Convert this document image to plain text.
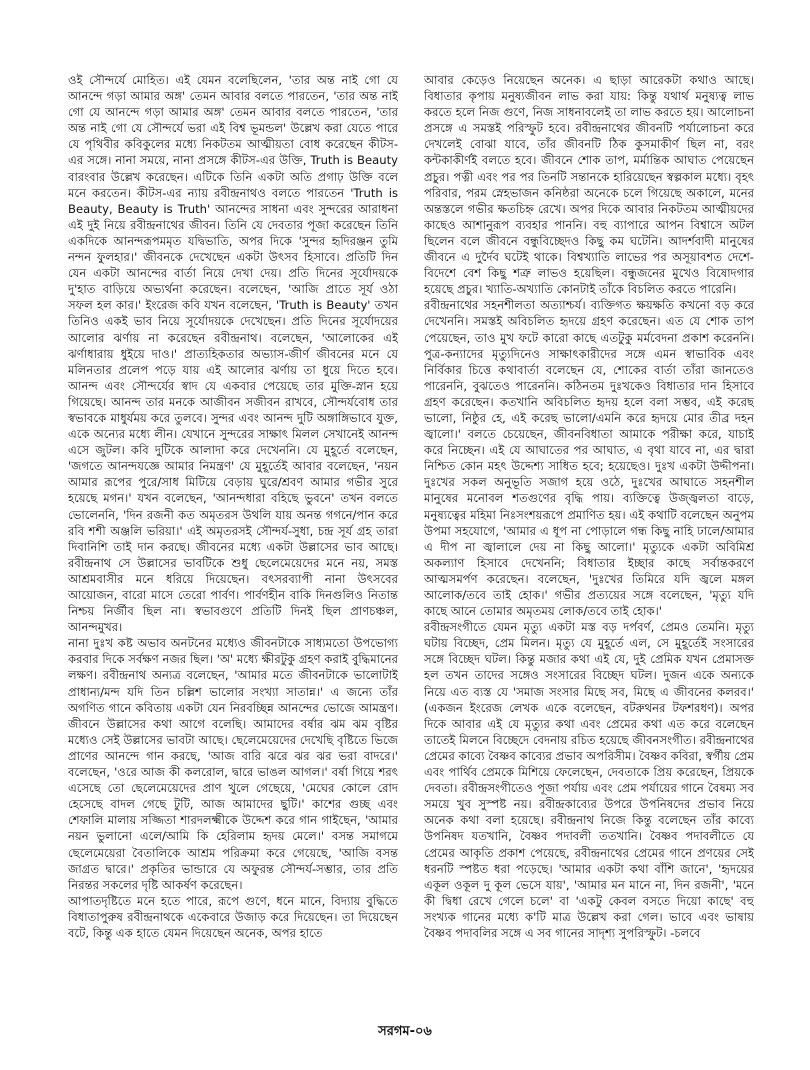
ওই সৌন্দর্যে মোহিত। এই যেমন বলেছিলেন, 'তার অন্ত নাই গো যে আনন্দে গড়া আমার অঙ্গ' তেমন আবার বলতে পারতেন, 'তার অন্ত নাই গো যে আনন্দে গড়া আমার অঙ্গ' তেমন আবার বলতে পারতেন, 'তার অন্ত নাই গো যে সৌন্দর্যে ভরা এই বিশ্ব ভূমন্ডল' উল্লেখ করা যেতে পারে যে পৃথিবীর কবিকুলের মধ্যে নিকটতম আত্মীয়তা বোধ করেছেন কীটস-এর সঙ্গে। নানা সময়ে, নানা প্রসঙ্গে কীটস-এর উক্তি, Truth is Beauty বারংবার উল্লেখ করেছেন। এটিকে তিনি একটা অতি প্রগাঢ় উক্তি বলে মনে করতেন। কীটস-এর ন্যায় রবীন্দ্রনাথও বলতে পারতেন 'Truth is Beauty, Beauty is Truth' আনন্দের সাধনা এবং সুন্দরের আরাধনা এই দুই নিয়ে রবীন্দ্রনাথের জীবন। তিনি যে দেবতার পূজা করেছেন তিনি একদিকে আনন্দরূপমমৃত যদ্বিভাতি, অপর দিকে 'সুন্দর হৃদিরঞ্জন তুমি নন্দন ফুলহার।' জীবনকে দেখেছেন একটা উৎসব হিসাবে। প্রতিটি দিন যেন একটা আনন্দের বার্তা নিয়ে দেখা দেয়। প্রতি দিনের সূর্যোদয়কে দু'হাত বাড়িয়ে অভ্যর্থনা করেছেন। বলেছেন, 'আজি প্রাতে সূর্য ওঠা সফল হল কার।' ইংরেজ কবি যখন বলেছেন, 'Truth is Beauty' তখন তিনিও একই ভাব নিয়ে সূর্যোদয়কে দেখেছেন। প্রতি দিনের সূর্যোদয়ের আলোর ঝর্ণায় না করেছেন রবীন্দ্রনাথ। বলেছেন, 'আলোকের এই ঝর্ণাধারায় ধুইয়ে দাও।' প্রাত্যহিকতার অভ্যাস-জীর্ণ জীবনের মনে যে মলিনতার প্রলেপ পড়ে যায় এই আলোর ঝর্ণায় তা ধুয়ে দিতে হবে। আনন্দ এবং সৌন্দর্যের স্বাদ যে একবার পেয়েছে তার মুক্তি-স্নান হয়ে গিয়েছে। আনন্দ তার মনকে আজীবন সজীবন রাখবে, সৌন্দর্যবোধ তার স্বভাবকে মাধুর্যময় করে তুলবে। সুন্দর এবং আনন্দ দুটি অঙ্গাঙ্গিভাবে যুক্ত, একে অন্যের মধ্যে লীন। যেখানে সুন্দরের সাক্ষাৎ মিলল সেখানেই আনন্দ এসে জুটল। কবি দুটিকে আলাদা করে দেখেননি। যে মুহূর্তে বলেছেন, 'জগতে আনন্দযজ্ঞে আমার নিমন্ত্রণ' যে মুহূর্তেই আবার বলেছেন, 'নয়ন আমার রূপের পুরে/সাধ মিটিয়ে বেড়ায় ঘুরে/শ্রবণ আমার গভীর সুরে হয়েছে মগন।' যখন বলেছেন, 'আনন্দধারা বহিছে ভুবনে' তখন বলতে ভোলেননি, 'দিন রজনী কত অমৃতরস উথলি যায় অনন্ত গগনে/পান করে রবি শশী অঞ্জলি ভরিয়া।' এই অমৃতরসই সৌন্দর্য-সুধা, চন্দ্র সূর্য গ্রহ তারা দিবানিশি তাই দান করছে। জীবনের মধ্যে একটা উল্লাসের ভাব আছে। রবীন্দ্রনাথ সে উল্লাসের ভাবটিকে শুধু ছেলেমেয়েদের মনে নয়, সমস্ত আশ্রমবাসীর মনে ধরিয়ে দিয়েছেন। বৎসরব্যাপী নানা উৎসবের আয়োজন, বারো মাসে তেরো পার্বণ। পার্বণহীন বাকি দিনগুলিও নিতান্ত নিশ্চয় নির্জীব ছিল না। স্বভাবগুণে প্রতিটি দিনই ছিল প্রাণচঞ্চল, আনন্দমুখর।

নানা দুঃখ কষ্ট অভাব অনটনের মধ্যেও জীবনটাকে সাধ্যমতো উপভোগ্য করবার দিকে সর্বক্ষণ নজর ছিল। 'অ' মধ্যে ক্ষীরটুকু গ্রহণ করাই বুদ্ধিমানের লক্ষণ। রবীন্দ্রনাথ অন্যত্র বলেছেন, 'আমার মতে জীবনটাকে ভালোটাই প্রাধান্য/মন্দ যদি তিন চল্লিশ ভালোর সংখ্যা সাতান্ন।' এ জন্যে তাঁর অগণিত গানে কবিতায় একটা যেন নিরবচ্ছিন্ন আনন্দের ভোজে আমন্ত্রণ। জীবনে উল্লাসের কথা আগে বলেছি। আমাদের বর্ষার ঝম ঝম বৃষ্টির মধ্যেও সেই উল্লাসের ভাবটা আছে। ছেলেমেয়েদের দেখেছি বৃষ্টিতে ভিজে প্রাণের আনন্দে গান করছে, 'আজ বারি ঝরে ঝর ঝর ভরা বাদরে।' বলেছেন, 'ওরে আজ কী কলরোল, দ্বারে ভাঙল আগল।' বর্ষা গিয়ে শরৎ এসেছে তো ছেলেমেয়েদের প্রাণ খুলে গেছেয়ে, 'মেঘের কোলে রোদ হেসেছে বাদল গেছে টুটি, আজ আমাদের ছুটি।' কাশের গুচ্ছ এবং শেফালি মালায় সজ্জিতা শারদলক্ষ্মীকে উদ্দেশ করে গান গাইছেন, 'আমার নয়ন ভুলানো এলে/আমি কি হেরিলাম হৃদয় মেলে।' বসন্ত সমাগমে ছেলেমেয়েরা বৈতালিকে আশ্রম পরিক্রমা করে গেয়েছে, 'আজি বসন্ত জাগ্রত দ্বারে।' প্রকৃতির ভান্ডারে যে অফুরন্ত সৌন্দর্য-সম্ভার, তার প্রতি নিরন্তর সকলের দৃষ্টি আকর্ষণ করেছেন।

আপাতদৃষ্টিতে মনে হতে পারে, রূপে গুণে, ধনে মানে, বিদ্যায় বুদ্ধিতে বিধাতাপুরুষ রবীন্দ্রনাথকে একেবারে উজাড় করে দিয়েছেন। তা দিয়েছেন বটে, কিন্তু এক হাতে যেমন দিয়েছেন অনেক, অপর হাতে

আবার কেড়েও নিয়েছেন অনেক। এ ছাড়া আরেকটা কথাও আছে। বিধাতার কৃপায় মনুষ্যজীবন লাভ করা যায়: কিন্তু যথার্থ মনুষ্যত্ব লাভ করতে হলে নিজ গুণে, নিজ সাধনাবলেই তা লাভ করতে হয়। আলোচনা প্রসঙ্গে এ সমস্তই পরিস্ফুট হবে। রবীন্দ্রনাথের জীবনটি পর্যালোচনা করে দেখলেই বোঝা যাবে, তাঁর জীবনটি ঠিক কুসমাকীর্ণ ছিল না, বরং কন্টকাকীর্ণই বলতে হবে। জীবনে শোক তাপ, মর্মান্তিক আঘাত পেয়েছেন প্রচুর। পত্নী এবং পর পর তিনটি সন্তানকে হারিয়েছেন স্বল্পকাল মধ্যে। বৃহৎ পরিবার, পরম স্নেহভাজন কনিষ্ঠরা অনেকে চলে গিয়েছে অকালে, মনের অন্তস্তলে গভীর ক্ষতচিহ্ন রেখে। অপর দিকে আবার নিকটতম আত্মীয়দের কাছেও আশানুরূপ ব্যবহার পাননি। বহু ব্যাপারে আপন বিশ্বাসে অটল ছিলেন বলে জীবনে বন্ধুবিচ্ছেদও কিছু কম ঘটেনি। আদর্শবাদী মানুষের জীবনে এ দুর্দৈব ঘটেই থাকে। বিশ্বখ্যাতি লাভের পর অসূয়াবশত দেশে-বিদেশে বেশ কিছু শত্রু লাভও হয়েছিল। বন্ধুজনের মুখেও বিষোদগার হয়েছে প্রচুর। খ্যাতি-অখ্যাতি কোনটাই তাঁকে বিচলিত করতে পারেনি।

রবীন্দ্রনাথের সহনশীলতা অত্যাশ্চর্য। ব্যক্তিগত ক্ষয়ক্ষতি কখনো বড় করে দেখেননি। সমস্তই অবিচলিত হৃদয়ে গ্রহণ করেছেন। এত যে শোক তাপ পেয়েছেন, তাও মুখ ফটে কারো কাছে এতটুকু মর্মবেদনা প্রকাশ করেননি। পুত্র-কন্যাদের মৃত্যুদিনেও সাক্ষাৎকারীদের সঙ্গে এমন স্বাভাবিক এবং নির্বিকার চিত্তে কথাবার্তা বলেছেন যে, শোকের বার্তা তাঁরা জানতেও পারেননি, বুঝতেও পারেননি। কঠিনতম দুঃখকেও বিধাতার দান হিসাবে গ্রহণ করেছেন। কতখানি অবিচলিত হৃদয় হলে বলা সম্ভব, এই করেছ ভালো, নিষ্ঠুর হে, এই করেছ ভালো/এমনি করে হৃদয়ে মোর তীব্র দহন জ্বালো।' বলতে চেয়েছেন, জীবনবিধাতা আমাকে পরীক্ষা করে, যাচাই করে নিচ্ছেন। এই যে আঘাতের পর আঘাত, এ বৃথা যাবে না, এর দ্বারা নিশ্চিত কোন মহৎ উদ্দেশ্য সাধিত হবে; হয়েছেও। দুঃখ একটা উদ্দীপনা। দুঃখের সকল অনুভূতি সজাগ হয়ে ওঠে, দুঃখের আঘাতে সহনশীল মানুষের মনোবল শতগুণের বৃদ্ধি পায়। ব্যক্তিত্বে উজ্জ্বলতা বাড়ে, মনুষ্যত্বের মহিমা নিঃসংশয়রূপে প্রমাণিত হয়। এই কথাটি বলেছেন অনুপম উপমা সহযোগে, 'আমার এ ধূপ না পোড়ালে গন্ধ কিছু নাহি ঢালে/আমার এ দীপ না জ্বালালে দেয় না কিছু আলো।' মৃত্যুকে একটা অবিমিশ্র অকল্যাণ হিসাবে দেখেননি; বিধাতার ইচ্ছার কাছে সর্বান্তকরণে আত্মসমর্পণ করেছেন। বলেছেন, 'দুঃখের তিমিরে যদি জ্বলে মঙ্গল আলোক/তবে তাই হোক।' গভীর প্রত্যয়ের সঙ্গে বলেছেন, 'মৃত্যু যদি কাছে আনে তোমার অমৃতময় লোক/তবে তাই হোক।'

রবীন্দ্রসংগীতে যেমন মৃত্যু একটা মস্ত বড় দর্পবর্ণ, প্রেমও তেমনি। মৃত্যু ঘটায় বিচ্ছেদ, প্রেম মিলন। মৃত্যু যে মুহূর্তে এল, সে মুহূর্তেই সংসারের সঙ্গে বিচ্ছেদ ঘটল। কিন্তু মজার কথা এই যে, দুই প্রেমিক যখন প্রেমাসক্ত হল তখন তাদের সঙ্গেও সংসারের বিচ্ছেদ ঘটল। দুজন একে অন্যকে নিয়ে এত ব্যস্ত যে 'সমাজ সংসার মিছে সব, মিছে এ জীবনের কলরব।' (একজন ইংরেজ লেখক একে বলেছেন, বটরুথনর টফশরধণ)। অপর দিকে আবার এই যে মৃত্যুর কথা এবং প্রেমের কথা এত করে বলেছেন তাতেই মিলনে বিচ্ছেদে বেদনায় রচিত হয়েছে জীবনসংগীত। রবীন্দ্রনাথের প্রেমের কাব্যে বৈষ্ণব কাব্যের প্রভাব অপরিসীম। বৈষ্ণব কবিরা, স্বর্গীয় প্রেম এবং পার্থিব প্রেমকে মিশিয়ে ফেলেছেন, দেবতাকে প্রিয় করেছেন, প্রিয়কে দেবতা। রবীন্দ্রসংগীতেও পূজা পর্যায় এবং প্রেম পর্যায়ের গানে বৈষম্য সব সময়ে খুব সুস্পষ্ট নয়। রবীন্দ্রকাব্যের উপরে উপনিষদের প্রভাব নিয়ে অনেক কথা বলা হয়েছে। রবীন্দ্রনাথ নিজে কিন্তু বলেছেন তাঁর কাব্যে উপনিষদ যতখানি, বৈষ্ণব পদাবলী ততখানি। বৈষ্ণব পদাবলীতে যে প্রেমের আকৃতি প্রকাশ পেয়েছে, রবীন্দ্রনাথের প্রেমের গানে প্রণয়ের সেই ধরনটি স্পষ্টত ধরা পড়েছে। 'আমার একটা কথা বাঁশি জানে', 'হৃদয়ের একূল ওকূল দু কূল ভেসে যায়', 'আমার মন মানে না, দিন রজনী', 'মনে কী দ্বিধা রেখে গেলে চলে' বা 'একটু কেবল বসতে দিয়ো কাছে' বহু সংখ্যক গানের মধ্যে ক'টি মাত্র উল্লেখ করা গেল। ভাবে এবং ভাষায় বৈষ্ণব পদাবলির সঙ্গে এ সব গানের সাদৃশ্য সুপরিস্ফুট। -চলবে

সরগম-০৬
